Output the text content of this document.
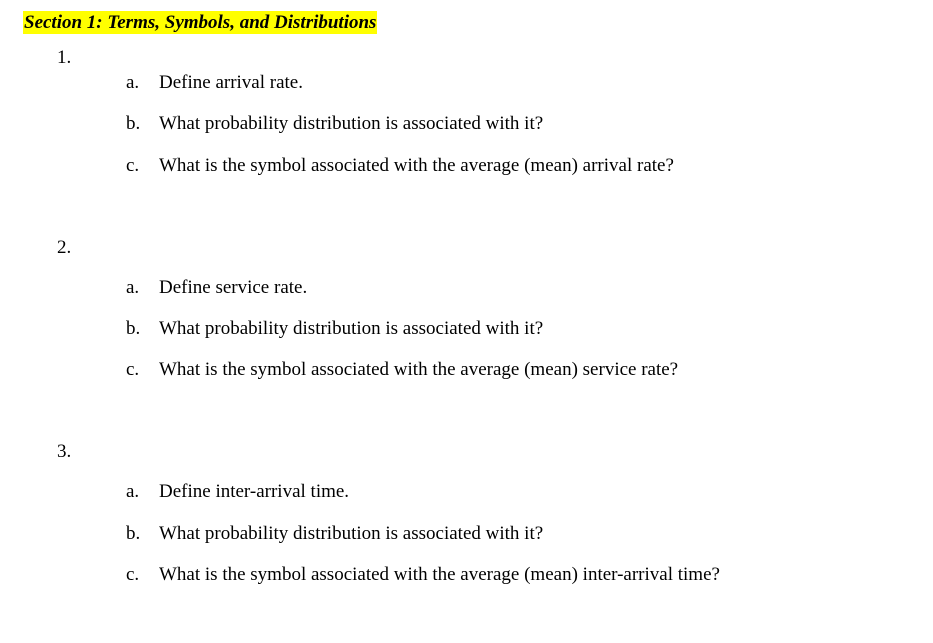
Section 1: Terms, Symbols, and Distributions
1.
a. Define arrival rate.
b. What probability distribution is associated with it?
c. What is the symbol associated with the average (mean) arrival rate?
2.
a. Define service rate.
b. What probability distribution is associated with it?
c. What is the symbol associated with the average (mean) service rate?
3.
a. Define inter-arrival time.
b. What probability distribution is associated with it?
c. What is the symbol associated with the average (mean) inter-arrival time?
